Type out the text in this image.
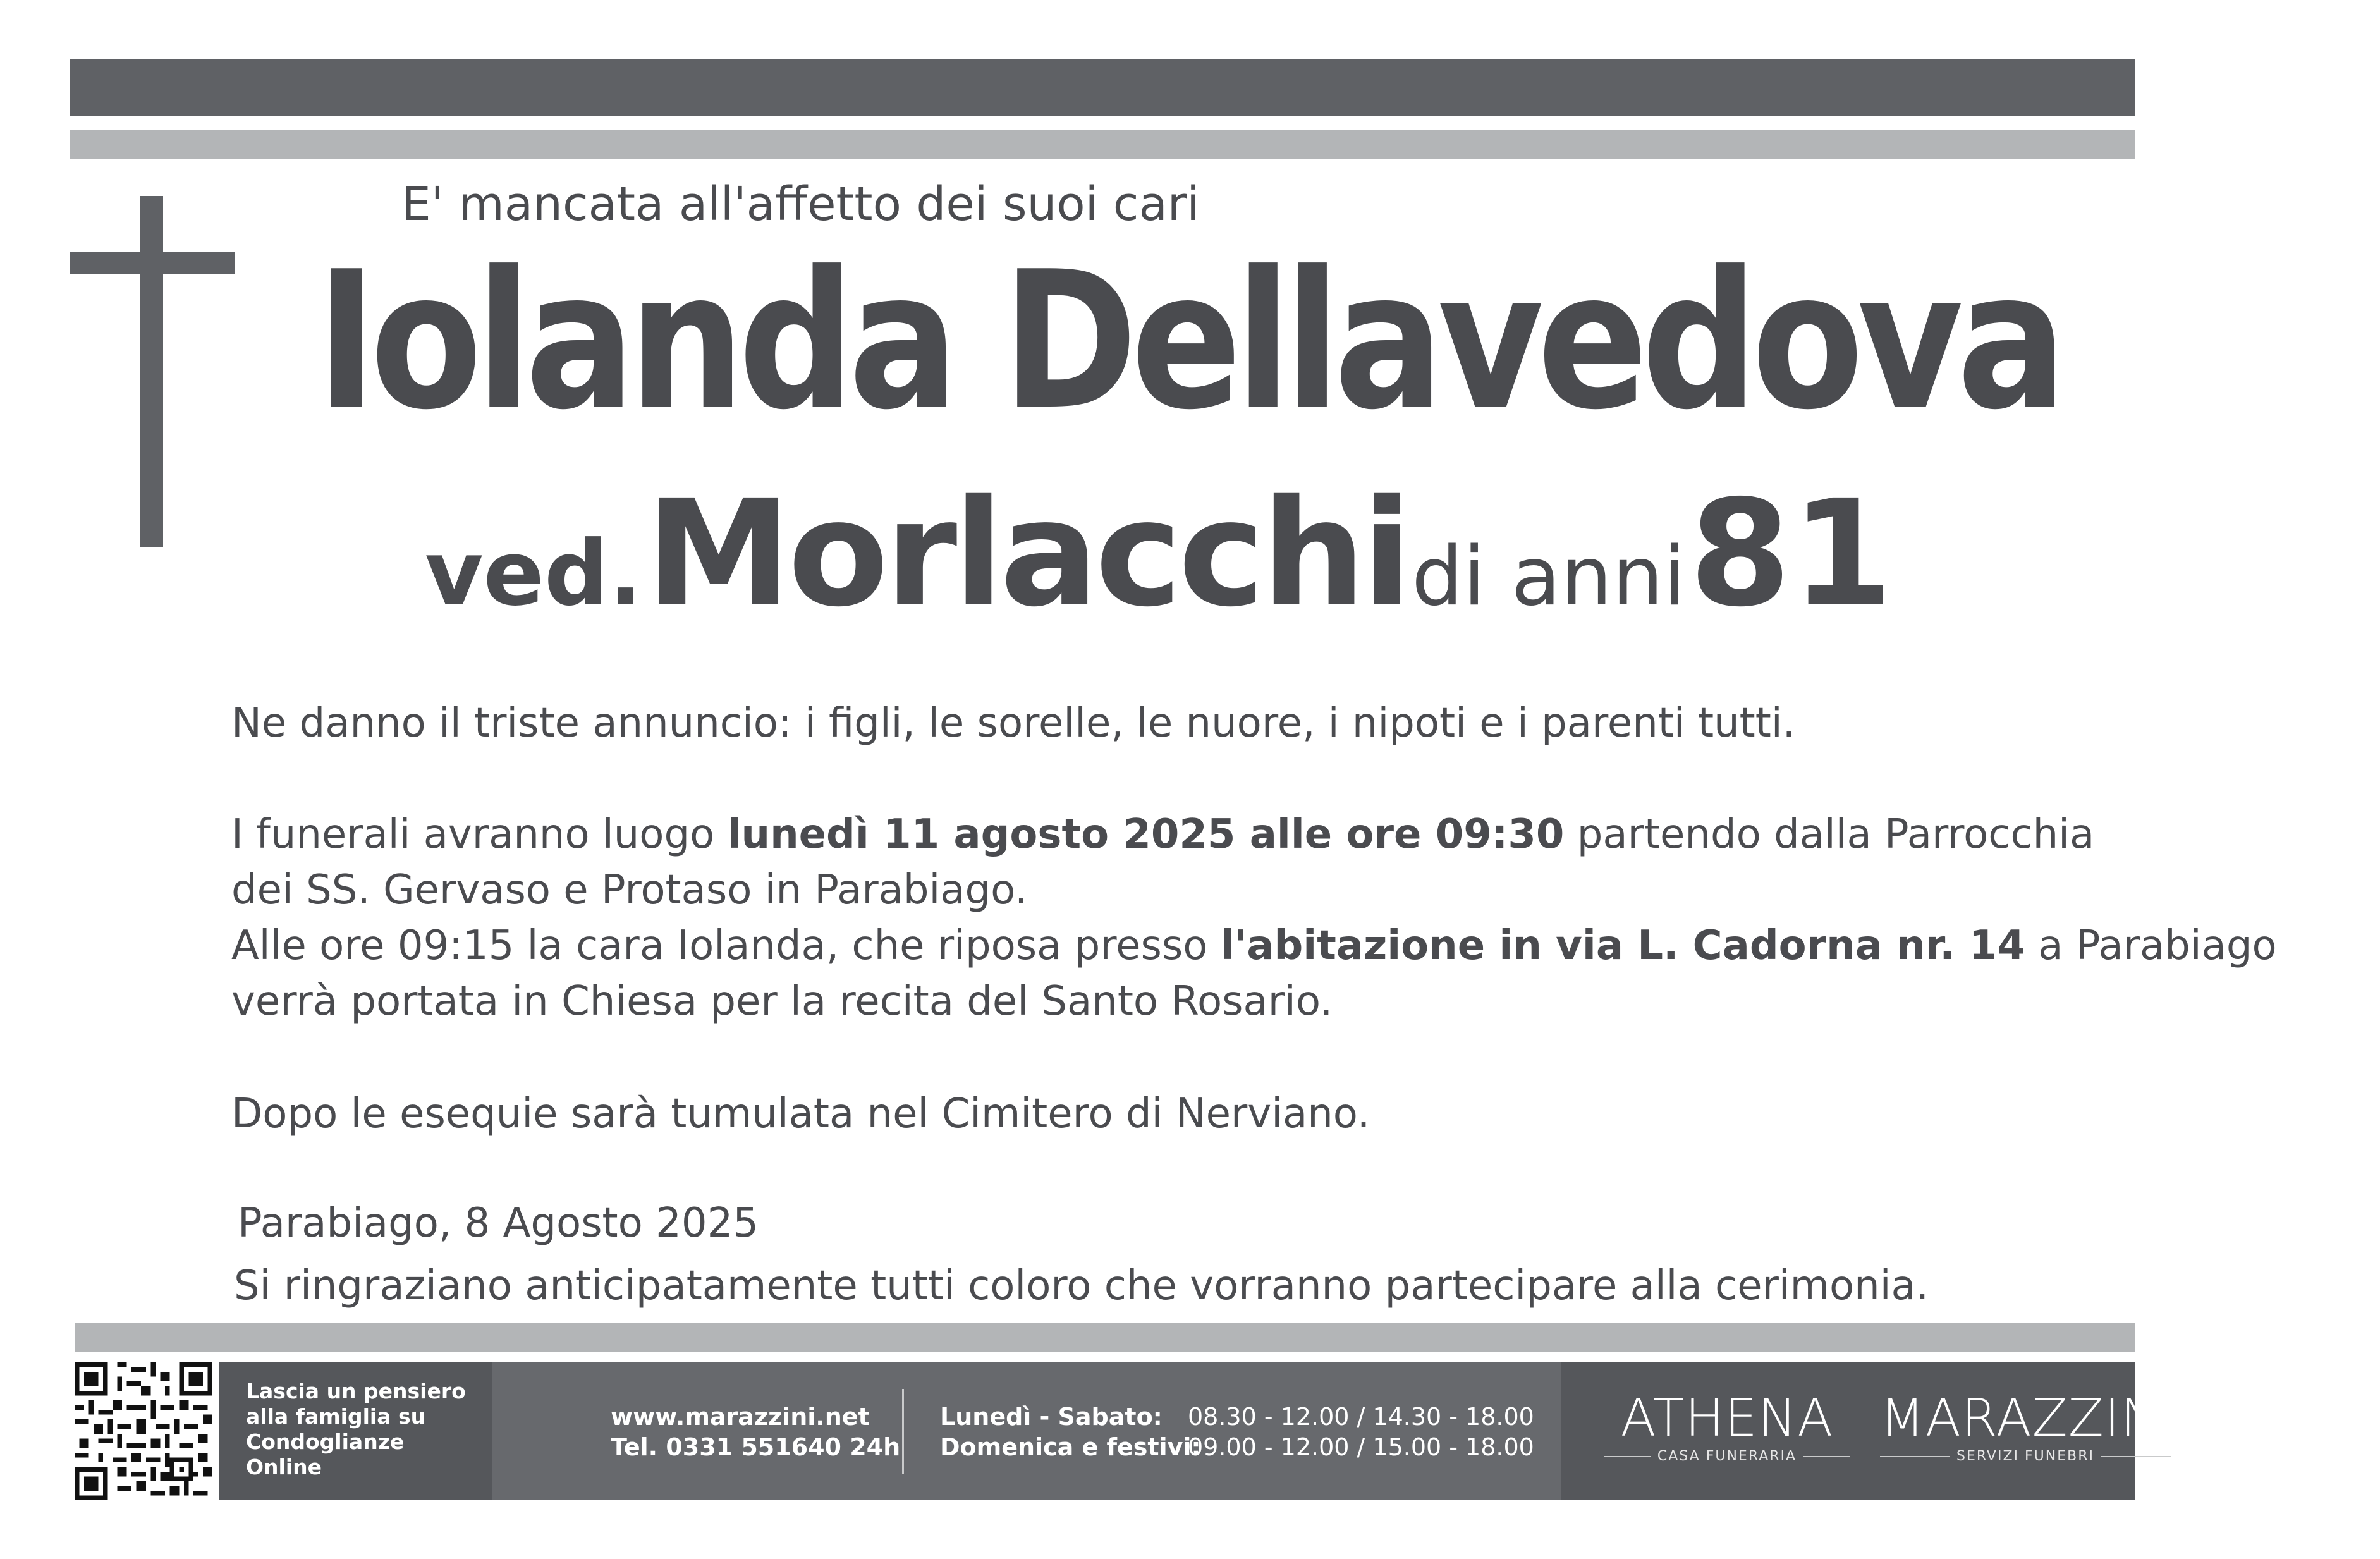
E' mancata all'affetto dei suoi cari
Iolanda Dellavedova
ved. Morlacchi di anni 81
Ne danno il triste annuncio: i figli, le sorelle, le nuore, i nipoti e i parenti tutti.
I funerali avranno luogo lunedì 11 agosto 2025 alle ore 09:30 partendo dalla Parrocchia
dei SS. Gervaso e Protaso in Parabiago.
Alle ore 09:15 la cara Iolanda, che riposa presso l'abitazione in via L. Cadorna nr. 14 a Parabiago
verrà portata in Chiesa per la recita del Santo Rosario.
Dopo le esequie sarà tumulata nel Cimitero di Nerviano.
Parabiago, 8 Agosto 2025
Si ringraziano anticipatamente tutti coloro che vorranno partecipare alla cerimonia.
Lascia un pensiero
alla famiglia su
Condoglianze
Online
www.marazzini.net
Tel. 0331 551640 24h
Lunedì - Sabato:
Domenica e festivi:
08.30 - 12.00 / 14.30 - 18.00
09.00 - 12.00 / 15.00 - 18.00	ATHENA
CASA FUNERARIA
MARAZZINI
SERVIZI FUNEBRI
